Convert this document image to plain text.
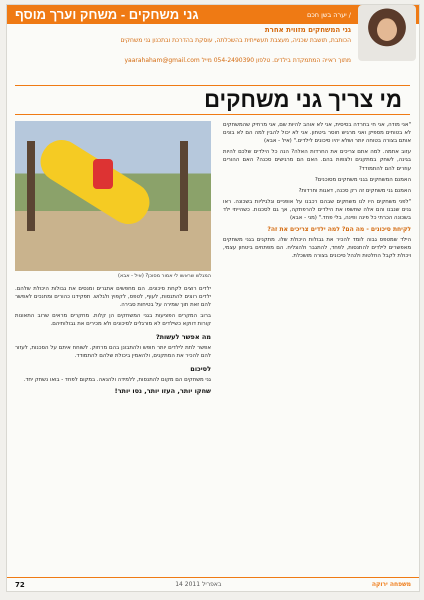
/ יערה בשן חכם
גני משחקים - משחק וערך מוסף
גני המשחקים מזווית אחרת
הכותבת, תושבת שכניה, מעצבת תעשייתית בהשכלתה, עוסקת בהדרכת ובתכנון גני משחקים
מתוך ראייה המתמקדת בילדים. טלפון 054-2490390 מייל yaarahaham@gmail.com
מי צריך גני משחקים

"אני מודה, אני חי בחרדה בסיסית, אני לא אוהב להיות שם, אני מרחיק שהמשחקים לא בטוחים מספיק ואני מרגיש חוסר ביטחון. אני לא יכול להבין למה הם לא בונים אותם בצורה בטוחה יותר ושלא יהיו סיכונים לילדים." (איל - אבא)

עזוב אתמה. למה אתם צריכים את החרדות האלה? הנה כל הילדים שלכם להיות בגינה, לשחק במתקנים ולצפות בהם. האם הם מרגישים סכנה? האם ההורים עוזרים להם להתמודד?

האמנם המשחקים בגני משחקים מסוכנים?

האמנם גני משחקים זה רק סכנה, דאגות וחרדות?

"לפני משחקים היו לנו משחקים שבהם רכבנו על אופניים וגלגיליות בשכונה. ראו גנים שנבנו והם אלה שחשפו את הילדים להרפתקה, אך גם לסכנות. כשהייתי ילד בשכונה הכרתי כל פינה ופינה, בלי פחד." (מני - אבא)

לקיחת סיכונים - מה הם? למה ילדים צריכים את זה?

הילד שמטפס גבוה לומד להכיר את גבולות היכולת שלו. מתקנים בגני משחקים מאפשרים לילדים להתנסות, לפחד, להתגבר ולהצליח. הם מפתחים ביטחון עצמי, ויכולת לקבל החלטות ולנהל סיכונים בצורה מושכלת.

המגלש שראשו לי אמור מסוכן? (איל - אבא)

ילדים רוצים לקחת סיכונים. הם מחפשים אתגרים ומנסים את גבולות היכולת שלהם. ילדים רוצים להתנסות, לעוף, לטפס, לקפוץ ולגלוש. תפקידנו כהורים ומחנכים לאפשר להם זאת תוך שמירה על בטיחות סבירה.

ברוב המקרים הפציעות בגני המשחקים הן קלות. מחקרים מראים שרוב התאונות קורות דווקא כשילדים לא מורגלים לסיכונים ולא מכירים את גבולותיהם.

מה אפשר לעשות?

אפשר לתת לילדים יותר חופש ולהתבונן בהם מרחוק. לשוחח איתם על הסכנות, לעזור להם להכיר את המתקנים, ולהאמין ביכולת שלהם להתמודד.

לסיכום

גני משחקים הם מקום להתנסות, ללמידה ולהנאה. במקום לפחד - בואו נשחק יחד.

שחקו יותר, העזו יותר, נסו יותר!

72	14 באפריל 2011	משפחה ירוקה
